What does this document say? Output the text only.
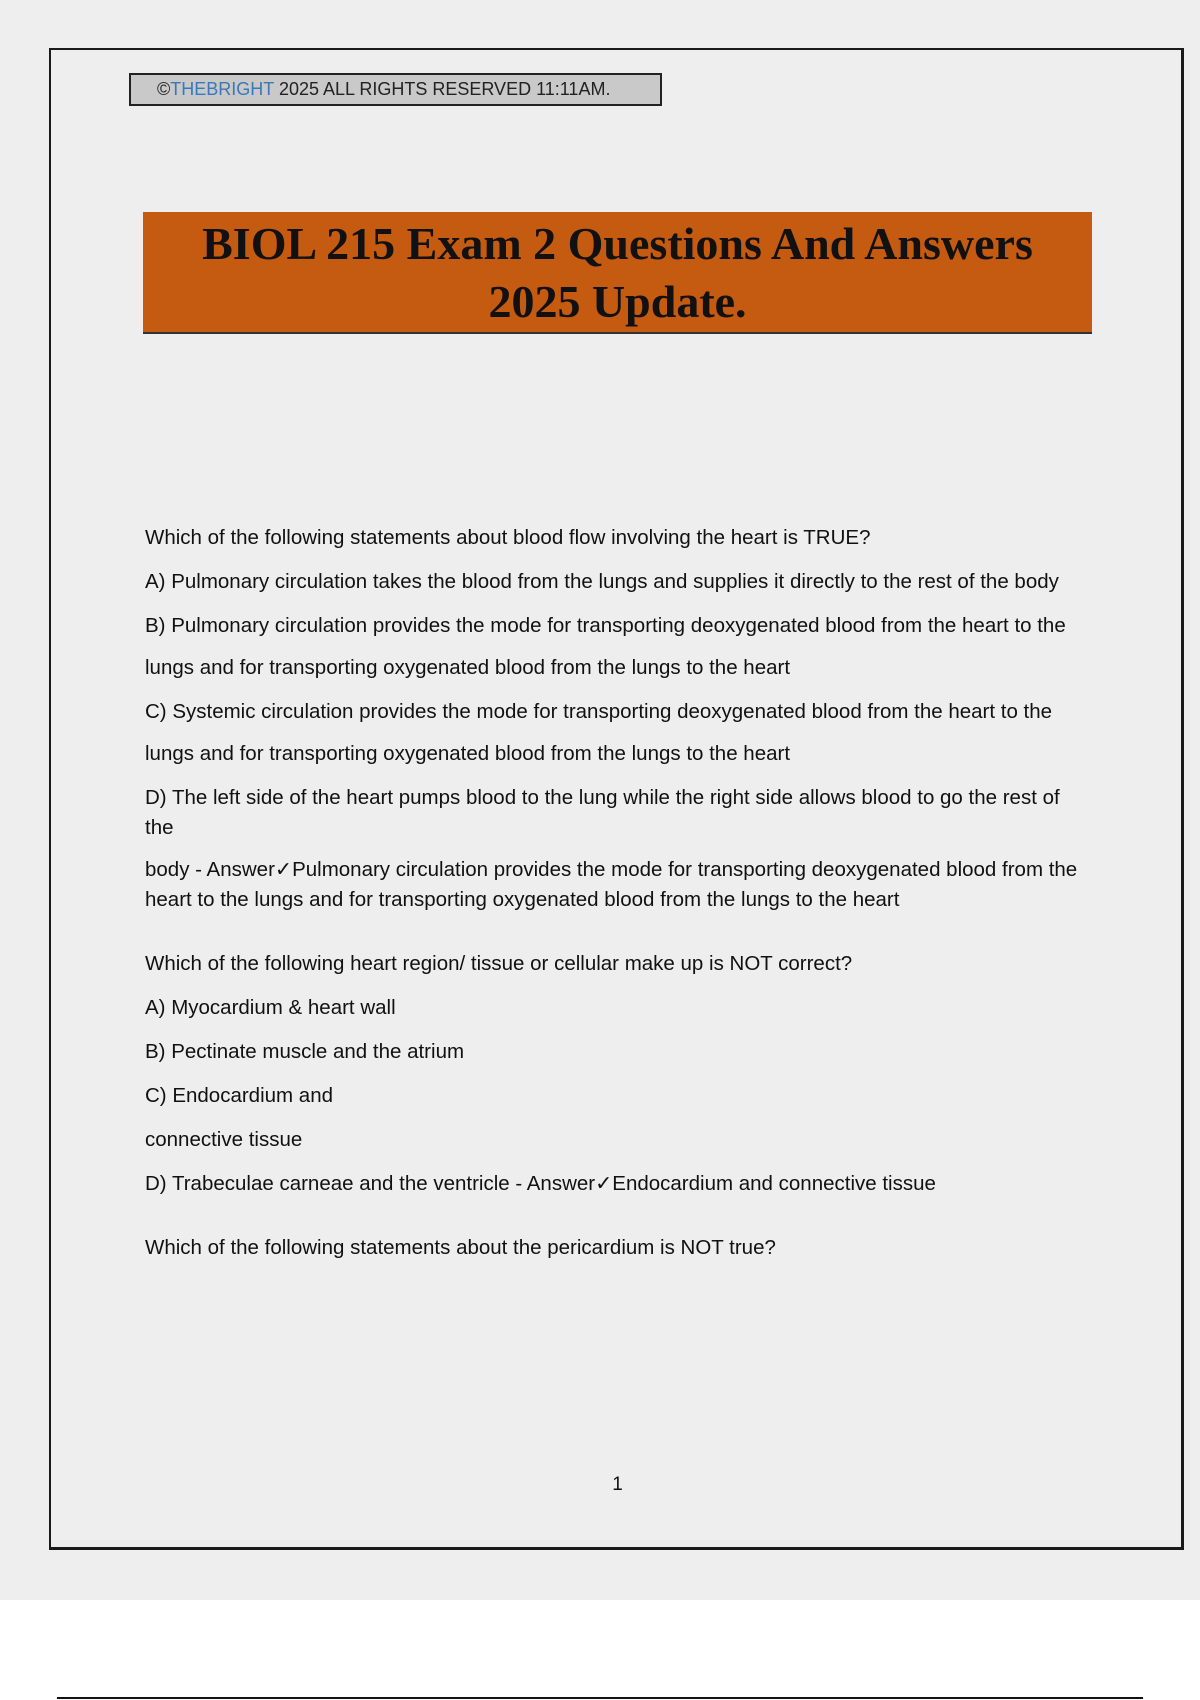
©THEBRIGHT 2025 ALL RIGHTS RESERVED 11:11AM.
BIOL 215 Exam 2 Questions And Answers
2025 Update.

Which of the following statements about blood flow involving the heart is TRUE?

A) Pulmonary circulation takes the blood from the lungs and supplies it directly to the rest of the body

B) Pulmonary circulation provides the mode for transporting deoxygenated blood from the heart to the

lungs and for transporting oxygenated blood from the lungs to the heart

C) Systemic circulation provides the mode for transporting deoxygenated blood from the heart to the

lungs and for transporting oxygenated blood from the lungs to the heart

D) The left side of the heart pumps blood to the lung while the right side allows blood to go the rest of the

body - Answer✓Pulmonary circulation provides the mode for transporting deoxygenated blood from the heart to the lungs and for transporting oxygenated blood from the lungs to the heart

Which of the following heart region/ tissue or cellular make up is NOT correct?

A) Myocardium & heart wall

B) Pectinate muscle and the atrium

C) Endocardium and

connective tissue

D) Trabeculae carneae and the ventricle - Answer✓Endocardium and connective tissue

Which of the following statements about the pericardium is NOT true?

1
